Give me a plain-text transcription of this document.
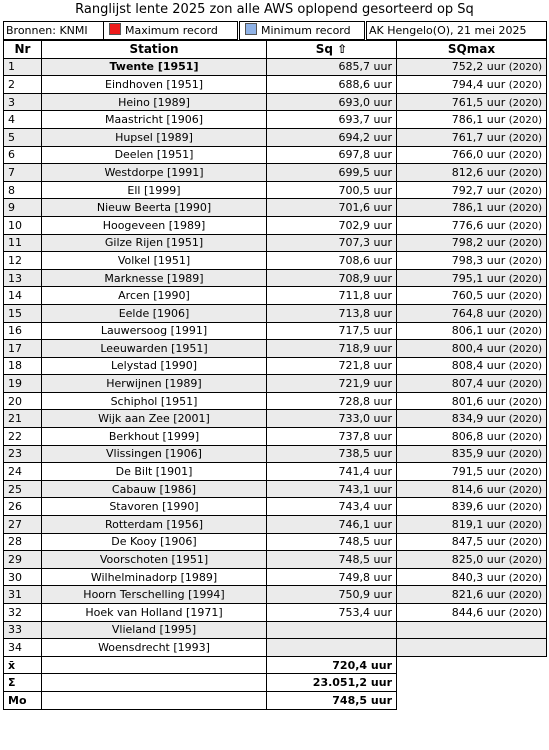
Ranglijst lente 2025 zon alle AWS oplopend gesorteerd op Sq
Bronnen: KNMI	Maximum record	Minimum record	AK Hengelo(O), 21 mei 2025
Nr	Station	Sq ⇧	SQmax
1	Twente [1951]	685,7 uur	752,2 uur (2020)
2	Eindhoven [1951]	688,6 uur	794,4 uur (2020)
3	Heino [1989]	693,0 uur	761,5 uur (2020)
4	Maastricht [1906]	693,7 uur	786,1 uur (2020)
5	Hupsel [1989]	694,2 uur	761,7 uur (2020)
6	Deelen [1951]	697,8 uur	766,0 uur (2020)
7	Westdorpe [1991]	699,5 uur	812,6 uur (2020)
8	Ell [1999]	700,5 uur	792,7 uur (2020)
9	Nieuw Beerta [1990]	701,6 uur	786,1 uur (2020)
10	Hoogeveen [1989]	702,9 uur	776,6 uur (2020)
11	Gilze Rijen [1951]	707,3 uur	798,2 uur (2020)
12	Volkel [1951]	708,6 uur	798,3 uur (2020)
13	Marknesse [1989]	708,9 uur	795,1 uur (2020)
14	Arcen [1990]	711,8 uur	760,5 uur (2020)
15	Eelde [1906]	713,8 uur	764,8 uur (2020)
16	Lauwersoog [1991]	717,5 uur	806,1 uur (2020)
17	Leeuwarden [1951]	718,9 uur	800,4 uur (2020)
18	Lelystad [1990]	721,8 uur	808,4 uur (2020)
19	Herwijnen [1989]	721,9 uur	807,4 uur (2020)
20	Schiphol [1951]	728,8 uur	801,6 uur (2020)
21	Wijk aan Zee [2001]	733,0 uur	834,9 uur (2020)
22	Berkhout [1999]	737,8 uur	806,8 uur (2020)
23	Vlissingen [1906]	738,5 uur	835,9 uur (2020)
24	De Bilt [1901]	741,4 uur	791,5 uur (2020)
25	Cabauw [1986]	743,1 uur	814,6 uur (2020)
26	Stavoren [1990]	743,4 uur	839,6 uur (2020)
27	Rotterdam [1956]	746,1 uur	819,1 uur (2020)
28	De Kooy [1906]	748,5 uur	847,5 uur (2020)
29	Voorschoten [1951]	748,5 uur	825,0 uur (2020)
30	Wilhelminadorp [1989]	749,8 uur	840,3 uur (2020)
31	Hoorn Terschelling [1994]	750,9 uur	821,6 uur (2020)
32	Hoek van Holland [1971]	753,4 uur	844,6 uur (2020)
33	Vlieland [1995]		
34	Woensdrecht [1993]		
x̄		720,4 uur	
Σ		23.051,2 uur	
Mo		748,5 uur	
